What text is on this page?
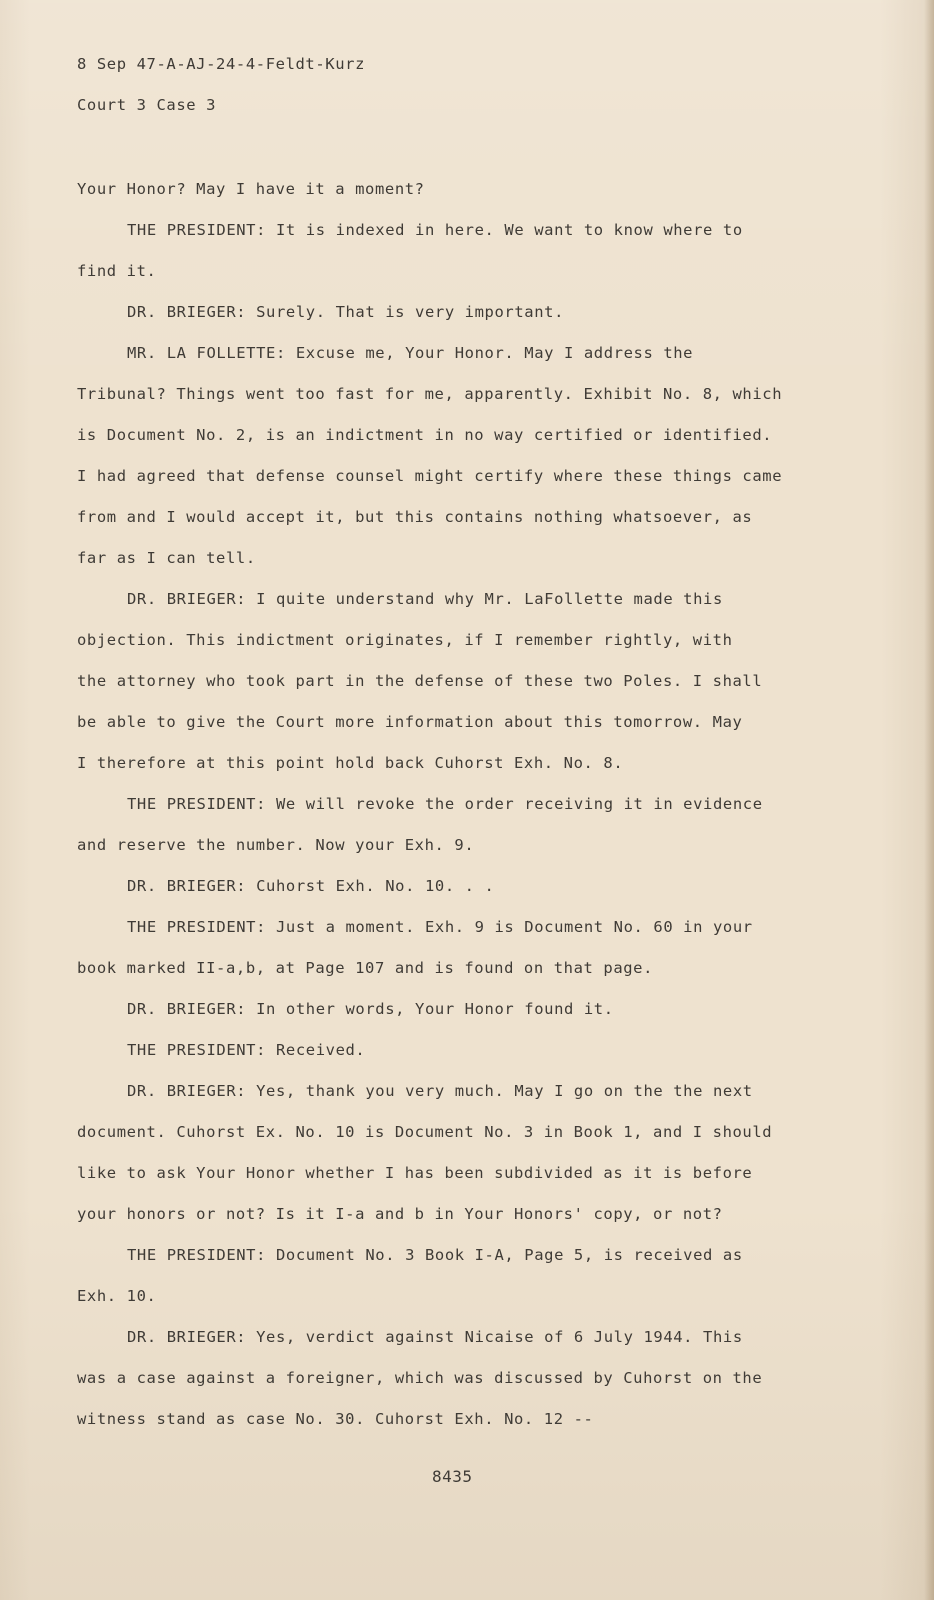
8 Sep 47-A-AJ-24-4-Feldt-Kurz
Court 3 Case 3
Your Honor? May I have it a moment?
THE PRESIDENT: It is indexed in here. We want to know where to
find it.
DR. BRIEGER: Surely. That is very important.
MR. LA FOLLETTE: Excuse me, Your Honor. May I address the
Tribunal? Things went too fast for me, apparently. Exhibit No. 8, which
is Document No. 2, is an indictment in no way certified or identified.
I had agreed that defense counsel might certify where these things came
from and I would accept it, but this contains nothing whatsoever, as
far as I can tell.
DR. BRIEGER: I quite understand why Mr. LaFollette made this
objection. This indictment originates, if I remember rightly, with
the attorney who took part in the defense of these two Poles. I shall
be able to give the Court more information about this tomorrow. May
I therefore at this point hold back Cuhorst Exh. No. 8.
THE PRESIDENT: We will revoke the order receiving it in evidence
and reserve the number. Now your Exh. 9.
DR. BRIEGER: Cuhorst Exh. No. 10. . .
THE PRESIDENT: Just a moment. Exh. 9 is Document No. 60 in your
book marked II-a,b, at Page 107 and is found on that page.
DR. BRIEGER: In other words, Your Honor found it.
THE PRESIDENT: Received.
DR. BRIEGER: Yes, thank you very much. May I go on the the next
document. Cuhorst Ex. No. 10 is Document No. 3 in Book 1, and I should
like to ask Your Honor whether I has been subdivided as it is before
your honors or not? Is it I-a and b in Your Honors' copy, or not?
THE PRESIDENT: Document No. 3 Book I-A, Page 5, is received as
Exh. 10.
DR. BRIEGER: Yes, verdict against Nicaise of 6 July 1944. This
was a case against a foreigner, which was discussed by Cuhorst on the
witness stand as case No. 30. Cuhorst Exh. No. 12 --
8435
